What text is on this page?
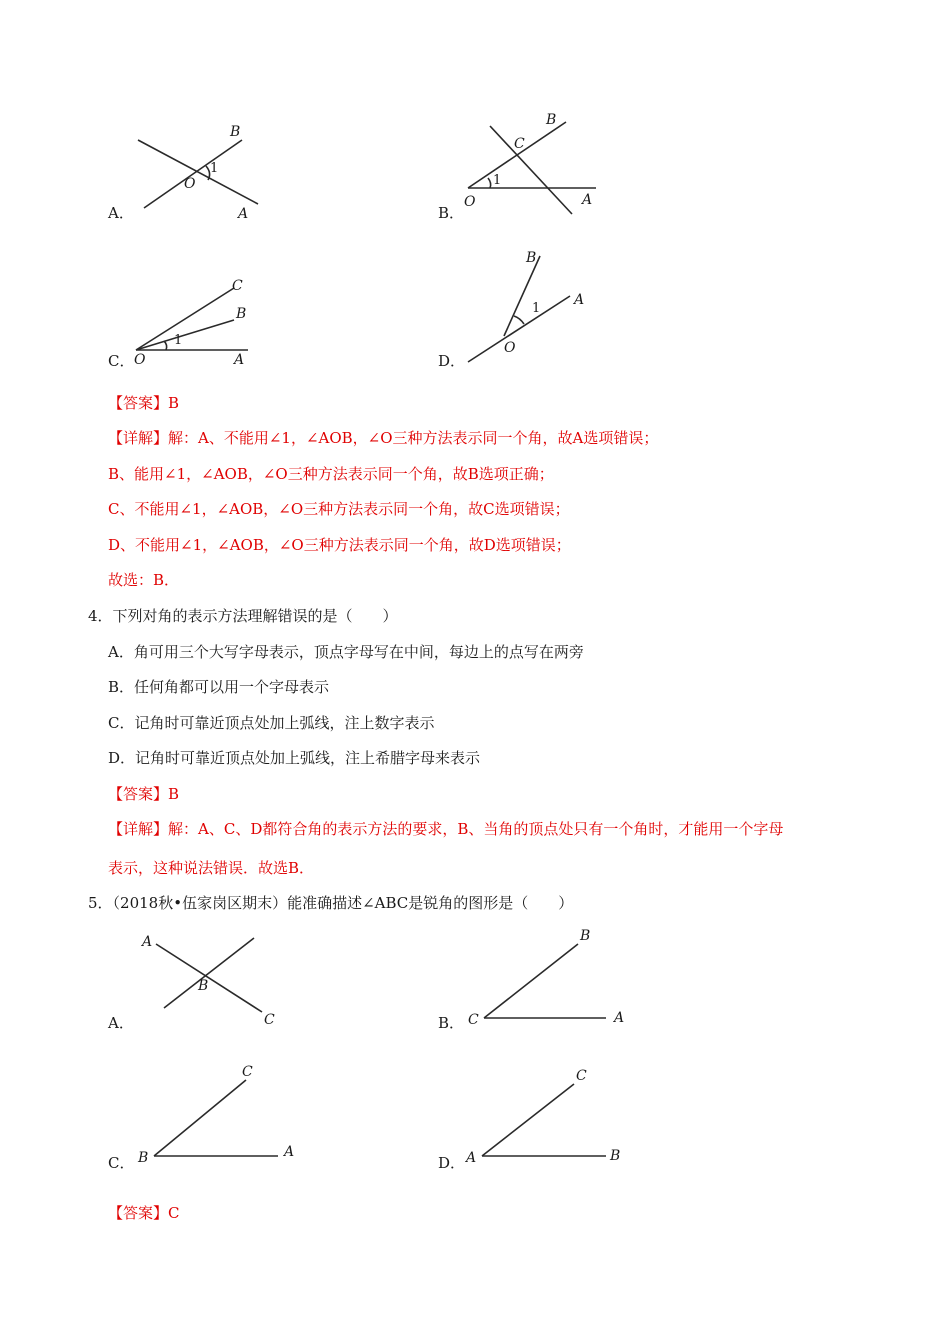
B
1
O
A
A．
B
C
1
O	A
B．
C
B
1
O	A
C．
B
A
1
O
D．
【答案】B
【详解】解：A、不能用∠1，∠AOB，∠O三种方法表示同一个角，故A选项错误；
B、能用∠1，∠AOB，∠O三种方法表示同一个角，故B选项正确；
C、不能用∠1，∠AOB，∠O三种方法表示同一个角，故C选项错误；
D、不能用∠1，∠AOB，∠O三种方法表示同一个角，故D选项错误；
故选：B．
4．下列对角的表示方法理解错误的是（　　）
A．角可用三个大写字母表示，顶点字母写在中间，每边上的点写在两旁
B．任何角都可以用一个字母表示
C．记角时可靠近顶点处加上弧线，注上数字表示
D．记角时可靠近顶点处加上弧线，注上希腊字母来表示
【答案】B
【详解】解：A、C、D都符合角的表示方法的要求，B、当角的顶点处只有一个角时，才能用一个字母
表示，这种说法错误．故选B．
5．（2018秋•伍家岗区期末）能准确描述∠ABC是锐角的图形是（　　）
A
B
C
A．
B
C	A
B．
C
B	A
C．
C
A	B
D．
【答案】C
